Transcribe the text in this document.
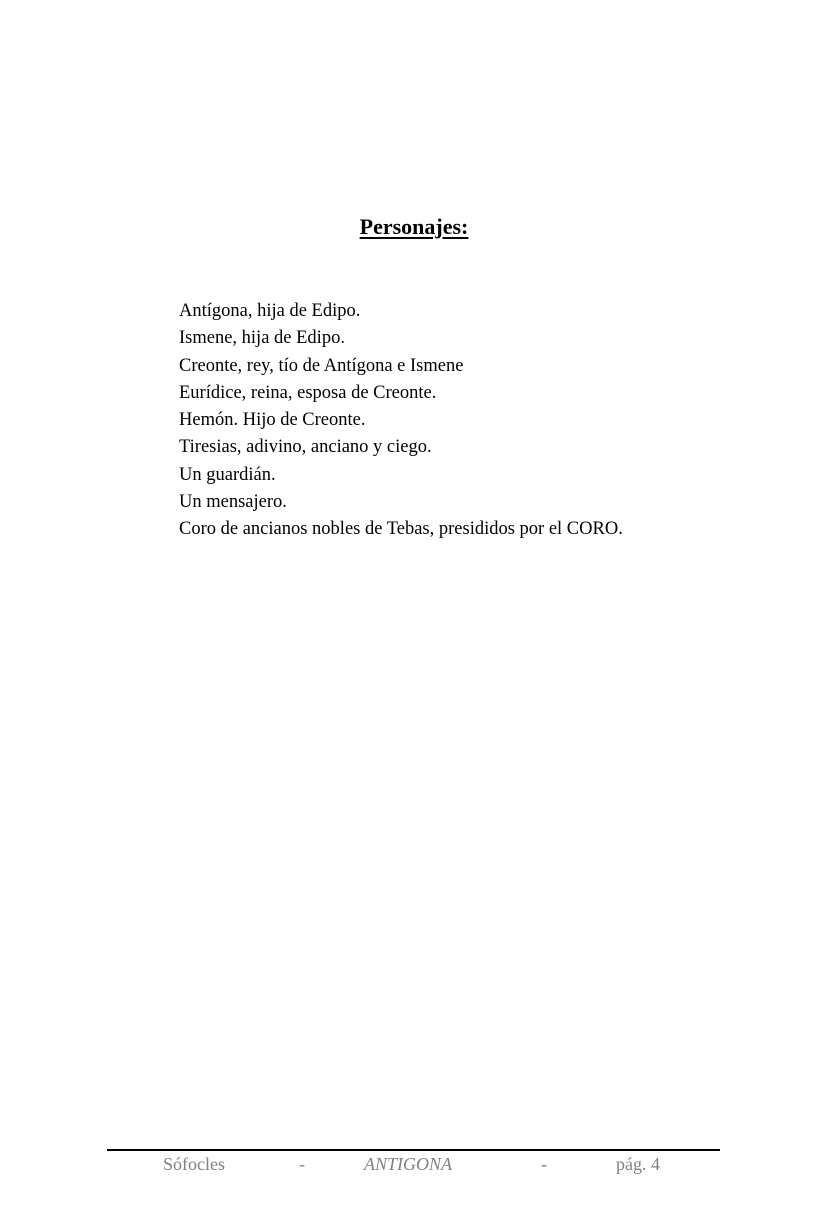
Personajes:
Antígona, hija de Edipo.
Ismene, hija de Edipo.
Creonte, rey, tío de Antígona e Ismene
Eurídice, reina, esposa de Creonte.
Hemón. Hijo de Creonte.
Tiresias, adivino, anciano y ciego.
Un guardián.
Un mensajero.
Coro de ancianos nobles de Tebas, presididos por el CORO.
Sófocles	-	ANTIGONA	-	pág. 4
